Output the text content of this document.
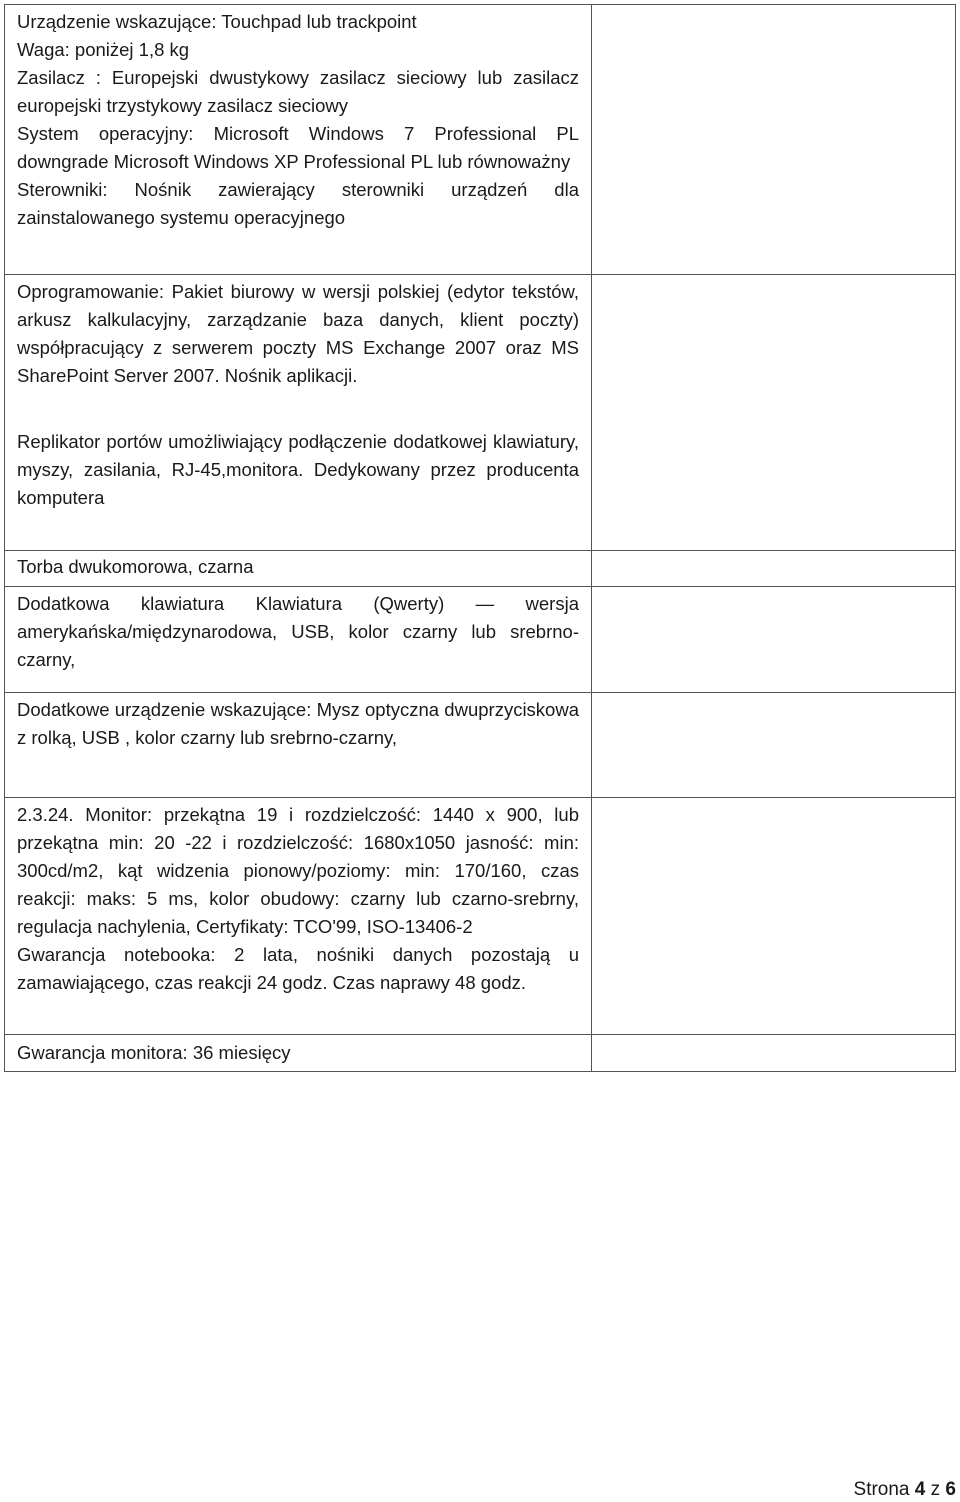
Urządzenie wskazujące: Touchpad lub trackpoint

Waga: poniżej 1,8 kg

Zasilacz : Europejski dwustykowy zasilacz sieciowy lub zasilacz europejski trzystykowy zasilacz sieciowy

System operacyjny: Microsoft Windows 7 Professional PL downgrade Microsoft Windows XP Professional PL lub równoważny

Sterowniki: Nośnik zawierający sterowniki urządzeń dla zainstalowanego systemu operacyjnego	

Oprogramowanie: Pakiet biurowy w wersji polskiej (edytor tekstów, arkusz kalkulacyjny, zarządzanie baza danych, klient poczty) współpracujący z serwerem poczty MS Exchange 2007 oraz MS SharePoint Server 2007. Nośnik aplikacji.

Replikator portów umożliwiający podłączenie dodatkowej klawiatury, myszy, zasilania, RJ-45,monitora. Dedykowany przez producenta komputera	

Torba dwukomorowa, czarna	

Dodatkowa klawiatura Klawiatura (Qwerty) — wersja amerykańska/międzynarodowa, USB, kolor czarny lub srebrno-czarny,	

Dodatkowe urządzenie wskazujące: Mysz optyczna dwuprzyciskowa z rolką, USB , kolor czarny lub srebrno-czarny,	

2.3.24. Monitor: przekątna 19 i rozdzielczość: 1440 x 900, lub przekątna min: 20 -22 i rozdzielczość: 1680x1050 jasność: min: 300cd/m2, kąt widzenia pionowy/poziomy: min: 170/160, czas reakcji: maks: 5 ms, kolor obudowy: czarny lub czarno-srebrny, regulacja nachylenia, Certyfikaty: TCO'99, ISO-13406-2

Gwarancja notebooka: 2 lata, nośniki danych pozostają u zamawiającego, czas reakcji 24 godz. Czas naprawy 48 godz.	

Gwarancja monitora: 36 miesięcy	

Strona 4 z 6
